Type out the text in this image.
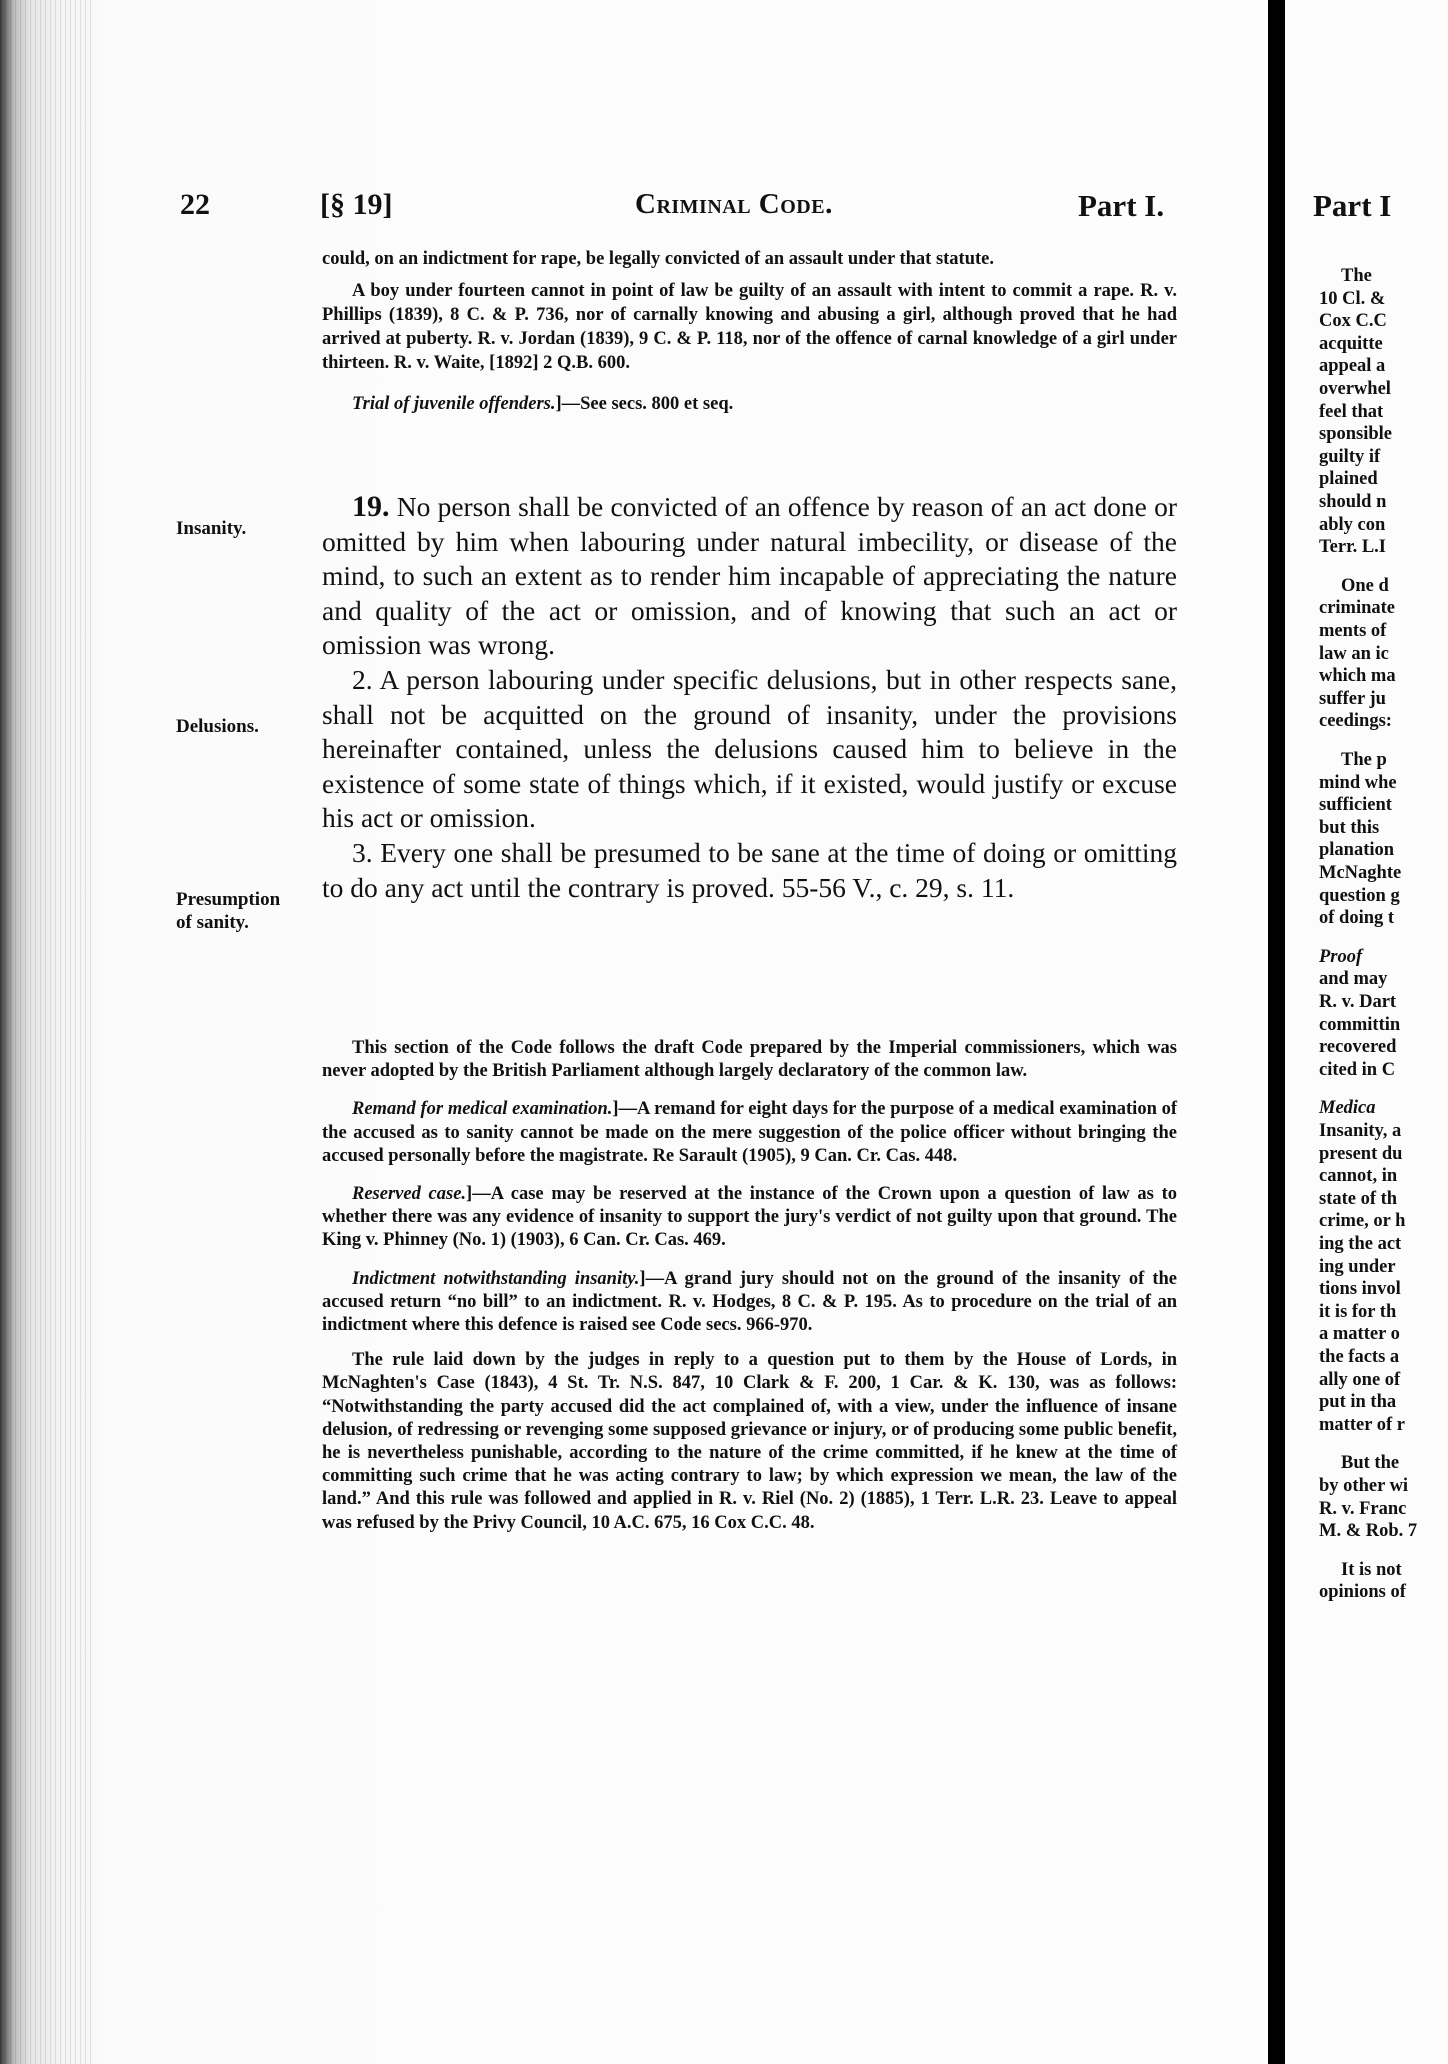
22	[§ 19]	Criminal Code.	Part I.

could, on an indictment for rape, be legally convicted of an assault under that statute.

A boy under fourteen cannot in point of law be guilty of an assault with intent to commit a rape. R. v. Phillips (1839), 8 C. & P. 736, nor of carnally knowing and abusing a girl, although proved that he had arrived at puberty. R. v. Jordan (1839), 9 C. & P. 118, nor of the offence of carnal knowledge of a girl under thirteen. R. v. Waite, [1892] 2 Q.B. 600.

Trial of juvenile offenders.]—See secs. 800 et seq.

Insanity.
Delusions.
Presumption
of sanity.

19. No person shall be convicted of an offence by reason of an act done or omitted by him when labouring under natural imbecility, or disease of the mind, to such an extent as to render him incapable of appreciating the nature and quality of the act or omission, and of knowing that such an act or omission was wrong.

2. A person labouring under specific delusions, but in other respects sane, shall not be acquitted on the ground of insanity, under the provisions hereinafter contained, unless the delusions caused him to believe in the existence of some state of things which, if it existed, would justify or excuse his act or omission.

3. Every one shall be presumed to be sane at the time of doing or omitting to do any act until the contrary is proved. 55-56 V., c. 29, s. 11.

This section of the Code follows the draft Code prepared by the Imperial commissioners, which was never adopted by the British Parliament although largely declaratory of the common law.

Remand for medical examination.]—A remand for eight days for the purpose of a medical examination of the accused as to sanity cannot be made on the mere suggestion of the police officer without bringing the accused personally before the magistrate. Re Sarault (1905), 9 Can. Cr. Cas. 448.

Reserved case.]—A case may be reserved at the instance of the Crown upon a question of law as to whether there was any evidence of insanity to support the jury's verdict of not guilty upon that ground. The King v. Phinney (No. 1) (1903), 6 Can. Cr. Cas. 469.

Indictment notwithstanding insanity.]—A grand jury should not on the ground of the insanity of the accused return “no bill” to an indictment. R. v. Hodges, 8 C. & P. 195. As to procedure on the trial of an indictment where this defence is raised see Code secs. 966-970.

The rule laid down by the judges in reply to a question put to them by the House of Lords, in McNaghten's Case (1843), 4 St. Tr. N.S. 847, 10 Clark & F. 200, 1 Car. & K. 130, was as follows: “Notwithstanding the party accused did the act complained of, with a view, under the influence of insane delusion, of redressing or revenging some supposed grievance or injury, or of producing some public benefit, he is nevertheless punishable, according to the nature of the crime committed, if he knew at the time of committing such crime that he was acting contrary to law; by which expression we mean, the law of the land.” And this rule was followed and applied in R. v. Riel (No. 2) (1885), 1 Terr. L.R. 23. Leave to appeal was refused by the Privy Council, 10 A.C. 675, 16 Cox C.C. 48.

Part I
The
10 Cl. &
Cox C.C
acquitte
appeal a
overwhel
feel that
sponsible
guilty if
plained
should n
ably con
Terr. L.I
One d
criminate
ments of
law an ic
which ma
suffer ju
ceedings:
The p
mind whe
sufficient
but this
planation
McNaghte
question g
of doing t
Proof
and may
R. v. Dart
committin
recovered
cited in C
Medica
Insanity, a
present du
cannot, in
state of th
crime, or h
ing the act
ing under
tions invol
it is for th
a matter o
the facts a
ally one of
put in tha
matter of r
But the
by other wi
R. v. Franc
M. & Rob. 7
It is not
opinions of
